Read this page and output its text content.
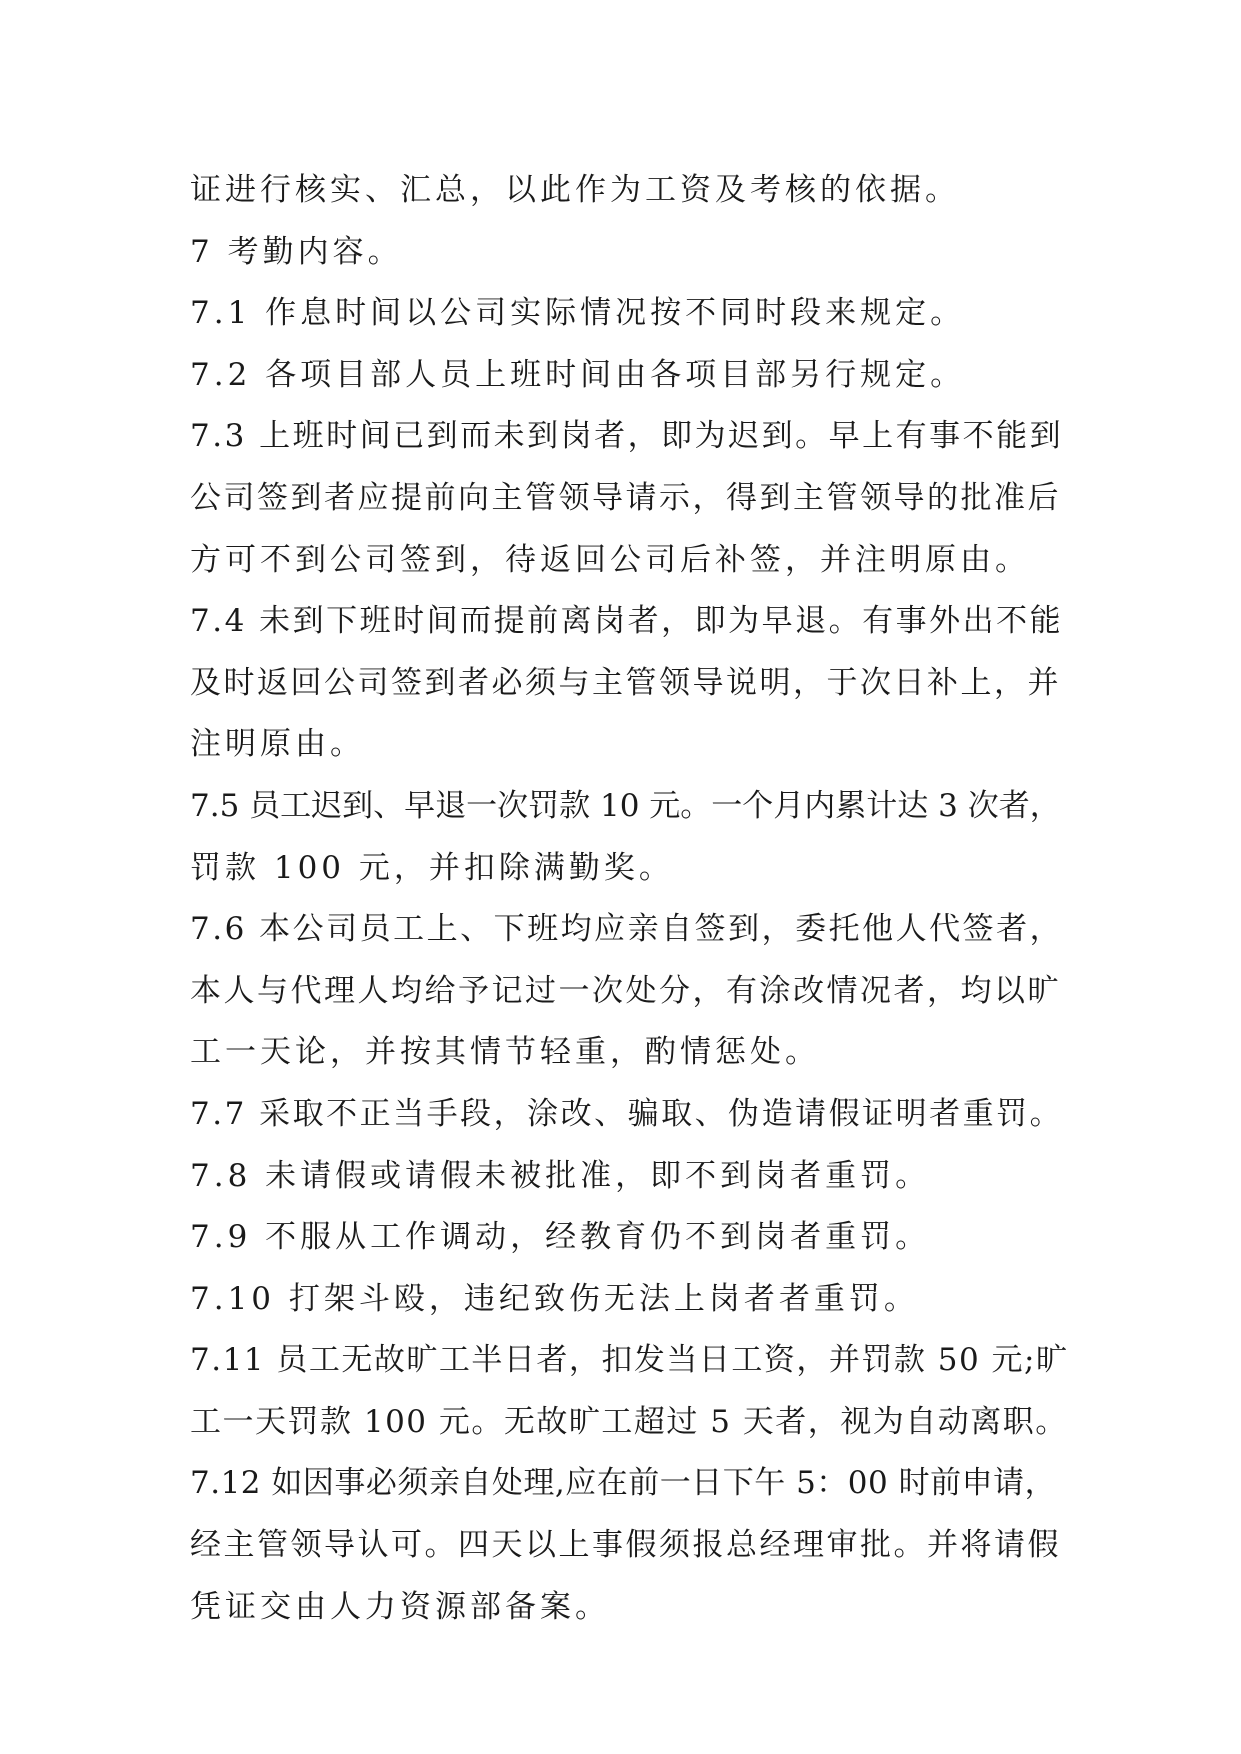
证进行核实、汇总，以此作为工资及考核的依据。
7 考勤内容。
7.1 作息时间以公司实际情况按不同时段来规定。
7.2 各项目部人员上班时间由各项目部另行规定。
7.3 上班时间已到而未到岗者，即为迟到。早上有事不能到
公司签到者应提前向主管领导请示，得到主管领导的批准后
方可不到公司签到，待返回公司后补签，并注明原由。
7.4 未到下班时间而提前离岗者，即为早退。有事外出不能
及时返回公司签到者必须与主管领导说明，于次日补上，并
注明原由。
7.5 员工迟到、早退一次罚款 10 元。一个月内累计达 3 次者，
罚款 100 元，并扣除满勤奖。
7.6 本公司员工上、下班均应亲自签到，委托他人代签者，
本人与代理人均给予记过一次处分，有涂改情况者，均以旷
工一天论，并按其情节轻重，酌情惩处。
7.7 采取不正当手段，涂改、骗取、伪造请假证明者重罚。
7.8 未请假或请假未被批准，即不到岗者重罚。
7.9 不服从工作调动，经教育仍不到岗者重罚。
7.10 打架斗殴，违纪致伤无法上岗者者重罚。
7.11 员工无故旷工半日者，扣发当日工资，并罚款 50 元;旷
工一天罚款 100 元。无故旷工超过 5 天者，视为自动离职。
7.12 如因事必须亲自处理,应在前一日下午 5：00 时前申请，
经主管领导认可。四天以上事假须报总经理审批。并将请假
凭证交由人力资源部备案。
